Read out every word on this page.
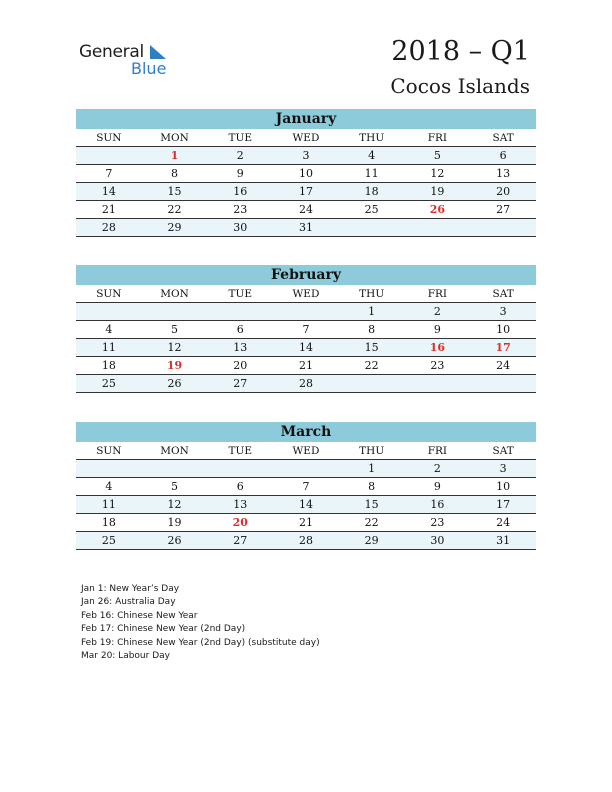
General
Blue
2018 – Q1
Cocos Islands
January
SUN	MON	TUE	WED	THU	FRI	SAT
	1	2	3	4	5	6
7	8	9	10	11	12	13
14	15	16	17	18	19	20
21	22	23	24	25	26	27
28	29	30	31			
February
SUN	MON	TUE	WED	THU	FRI	SAT
				1	2	3
4	5	6	7	8	9	10
11	12	13	14	15	16	17
18	19	20	21	22	23	24
25	26	27	28			
March
SUN	MON	TUE	WED	THU	FRI	SAT
				1	2	3
4	5	6	7	8	9	10
11	12	13	14	15	16	17
18	19	20	21	22	23	24
25	26	27	28	29	30	31
Jan 1: New Year’s Day
Jan 26: Australia Day
Feb 16: Chinese New Year
Feb 17: Chinese New Year (2nd Day)
Feb 19: Chinese New Year (2nd Day) (substitute day)
Mar 20: Labour Day
